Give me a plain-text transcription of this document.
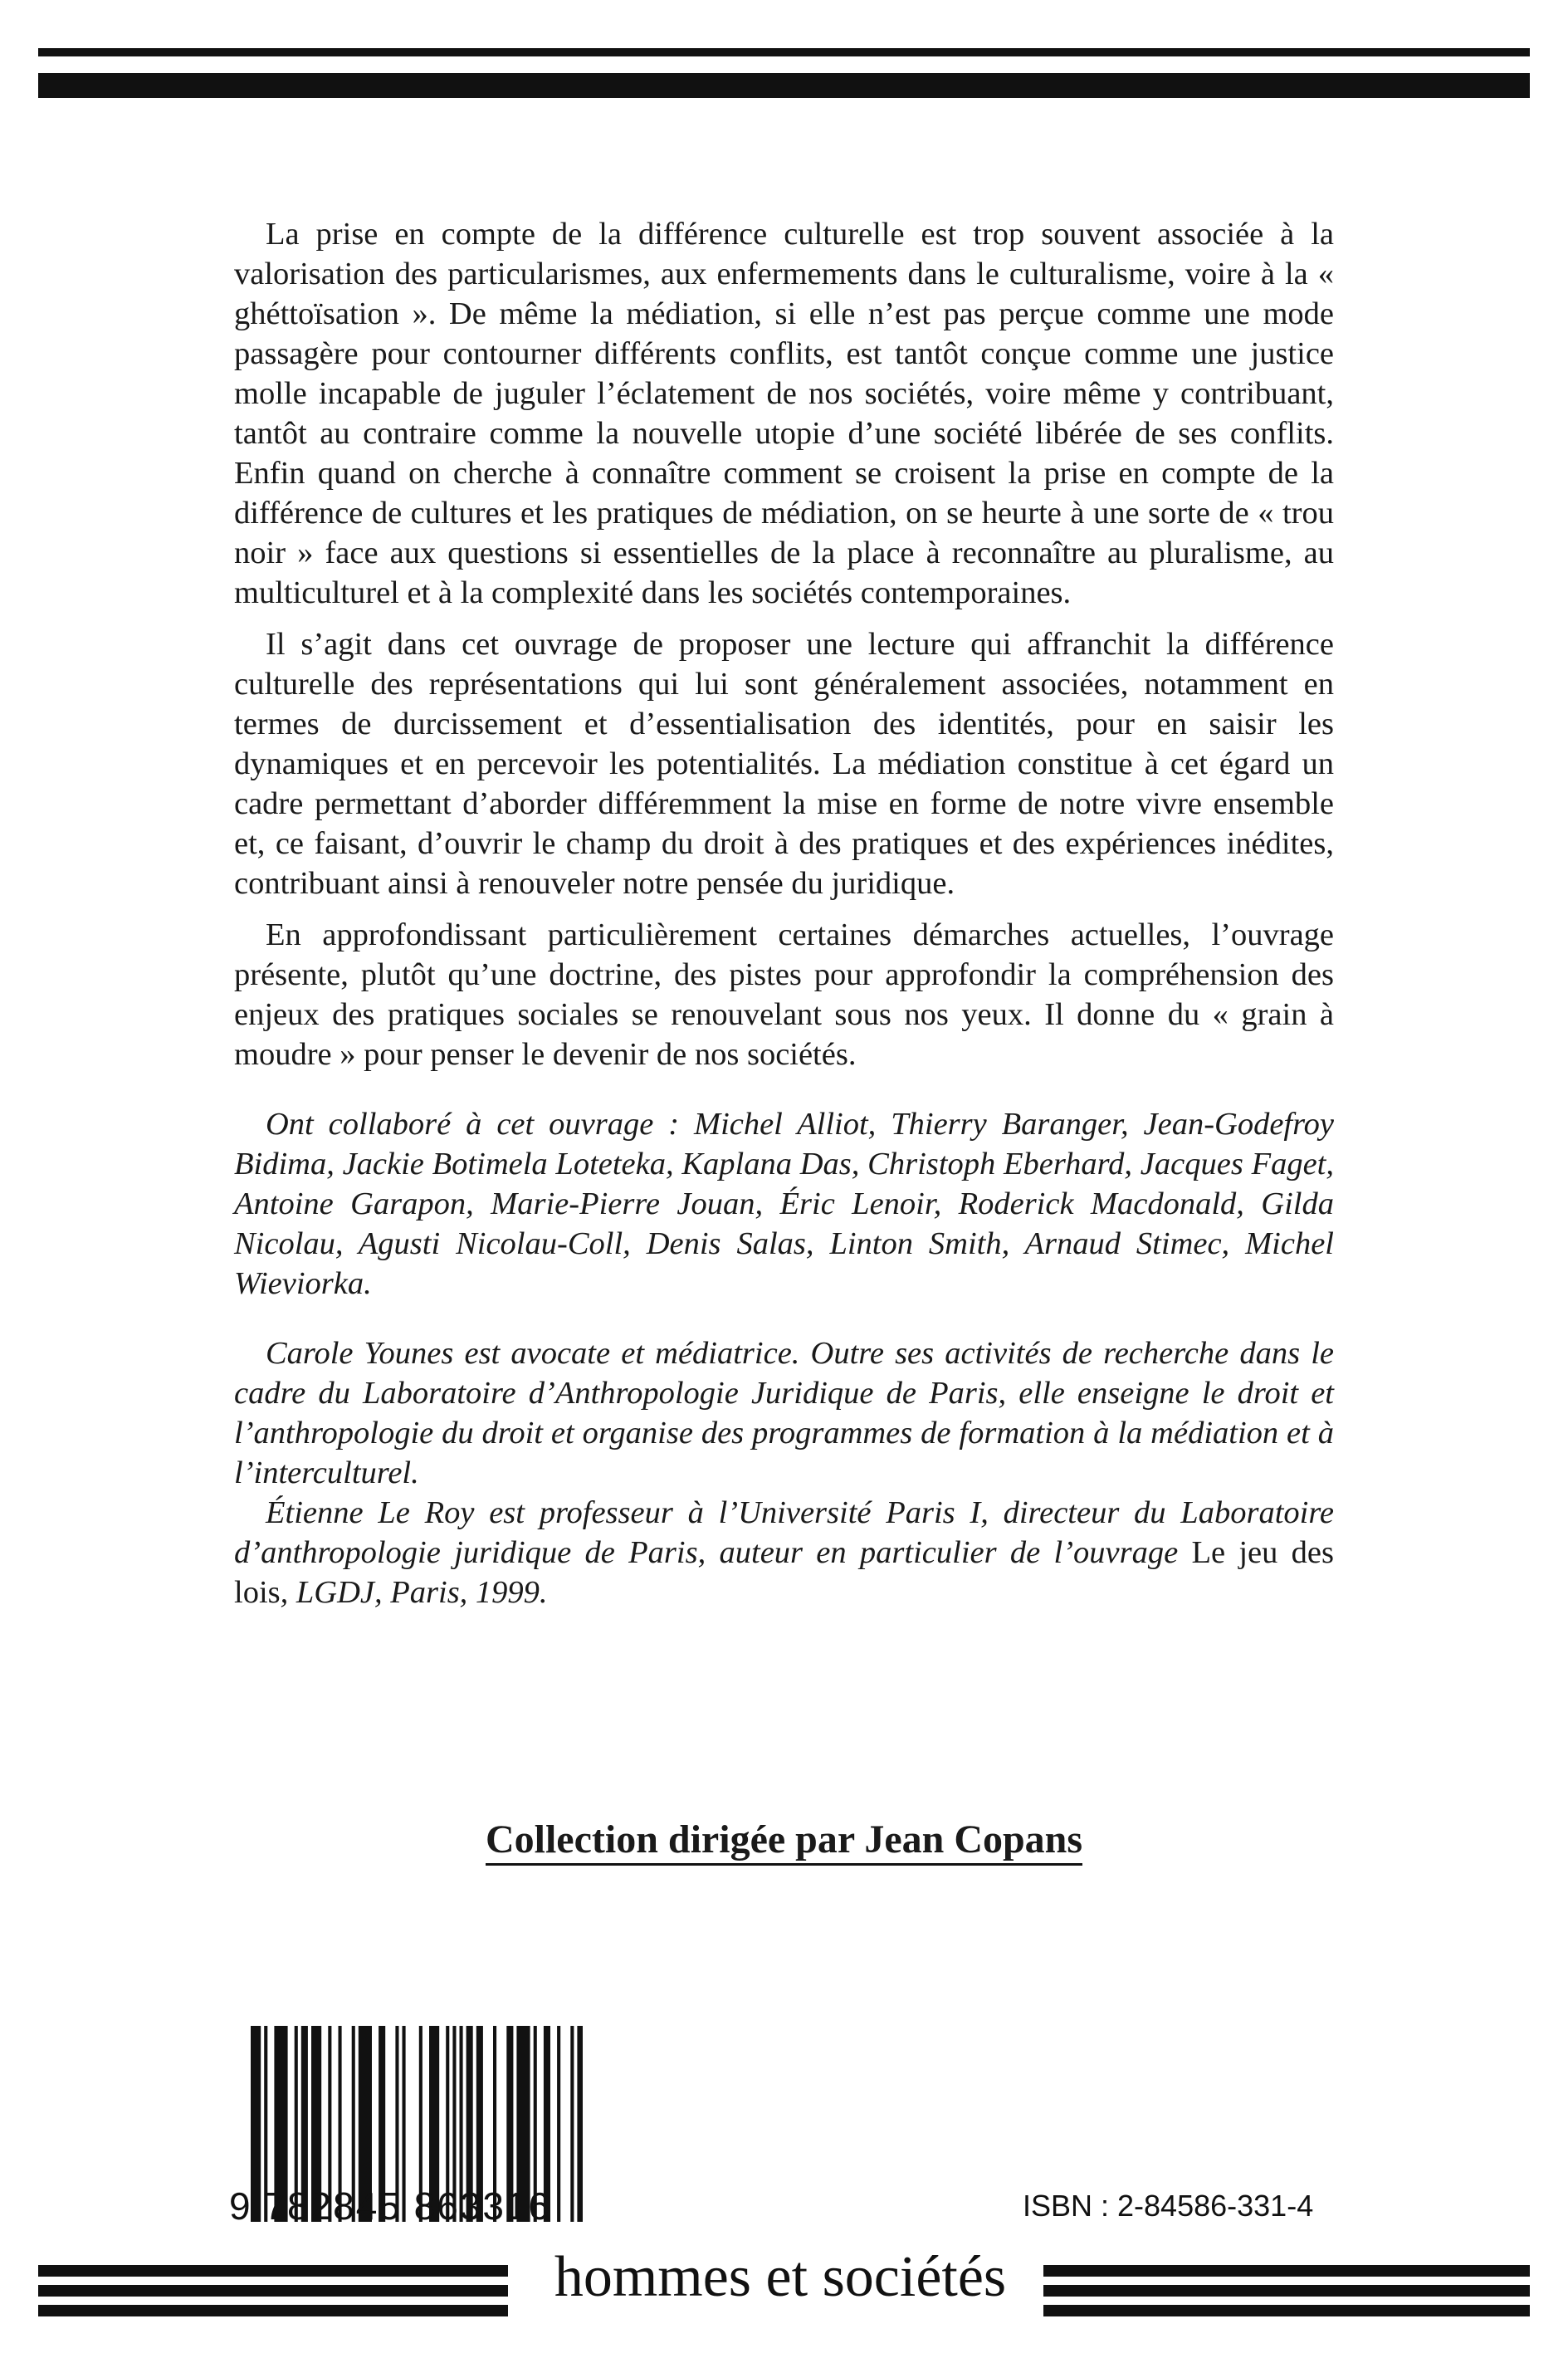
La prise en compte de la différence culturelle est trop souvent associée à la valorisation des particularismes, aux enfermements dans le culturalisme, voire à la « ghéttoïsation ». De même la médiation, si elle n’est pas perçue comme une mode passagère pour contourner différents conflits, est tantôt conçue comme une justice molle incapable de juguler l’éclatement de nos sociétés, voire même y contribuant, tantôt au contraire comme la nouvelle utopie d’une société libérée de ses conflits. Enfin quand on cherche à connaître comment se croisent la prise en compte de la différence de cultures et les pratiques de médiation, on se heurte à une sorte de « trou noir » face aux questions si essentielles de la place à reconnaître au pluralisme, au multiculturel et à la complexité dans les sociétés contemporaines.

Il s’agit dans cet ouvrage de proposer une lecture qui affranchit la différence culturelle des représentations qui lui sont généralement associées, notamment en termes de durcissement et d’essentialisation des identités, pour en saisir les dynamiques et en percevoir les potentialités. La médiation constitue à cet égard un cadre permettant d’aborder différemment la mise en forme de notre vivre ensemble et, ce faisant, d’ouvrir le champ du droit à des pratiques et des expériences inédites, contribuant ainsi à renouveler notre pensée du juridique.

En approfondissant particulièrement certaines démarches actuelles, l’ouvrage présente, plutôt qu’une doctrine, des pistes pour approfondir la compréhension des enjeux des pratiques sociales se renouvelant sous nos yeux. Il donne du « grain à moudre » pour penser le devenir de nos sociétés.

Ont collaboré à cet ouvrage : Michel Alliot, Thierry Baranger, Jean-Godefroy Bidima, Jackie Botimela Loteteka, Kaplana Das, Christoph Eberhard, Jacques Faget, Antoine Garapon, Marie-Pierre Jouan, Éric Lenoir, Roderick Macdonald, Gilda Nicolau, Agusti Nicolau-Coll, Denis Salas, Linton Smith, Arnaud Stimec, Michel Wieviorka.

Carole Younes est avocate et médiatrice. Outre ses activités de recherche dans le cadre du Laboratoire d’Anthropologie Juridique de Paris, elle enseigne le droit et l’anthropologie du droit et organise des programmes de formation à la médiation et à l’interculturel.

Étienne Le Roy est professeur à l’Université Paris I, directeur du Laboratoire d’anthropologie juridique de Paris, auteur en particulier de l’ouvrage Le jeu des lois, LGDJ, Paris, 1999.

Collection dirigée par Jean Copans
9 782845 863316	ISBN : 2-84586-331-4
hommes et sociétés
